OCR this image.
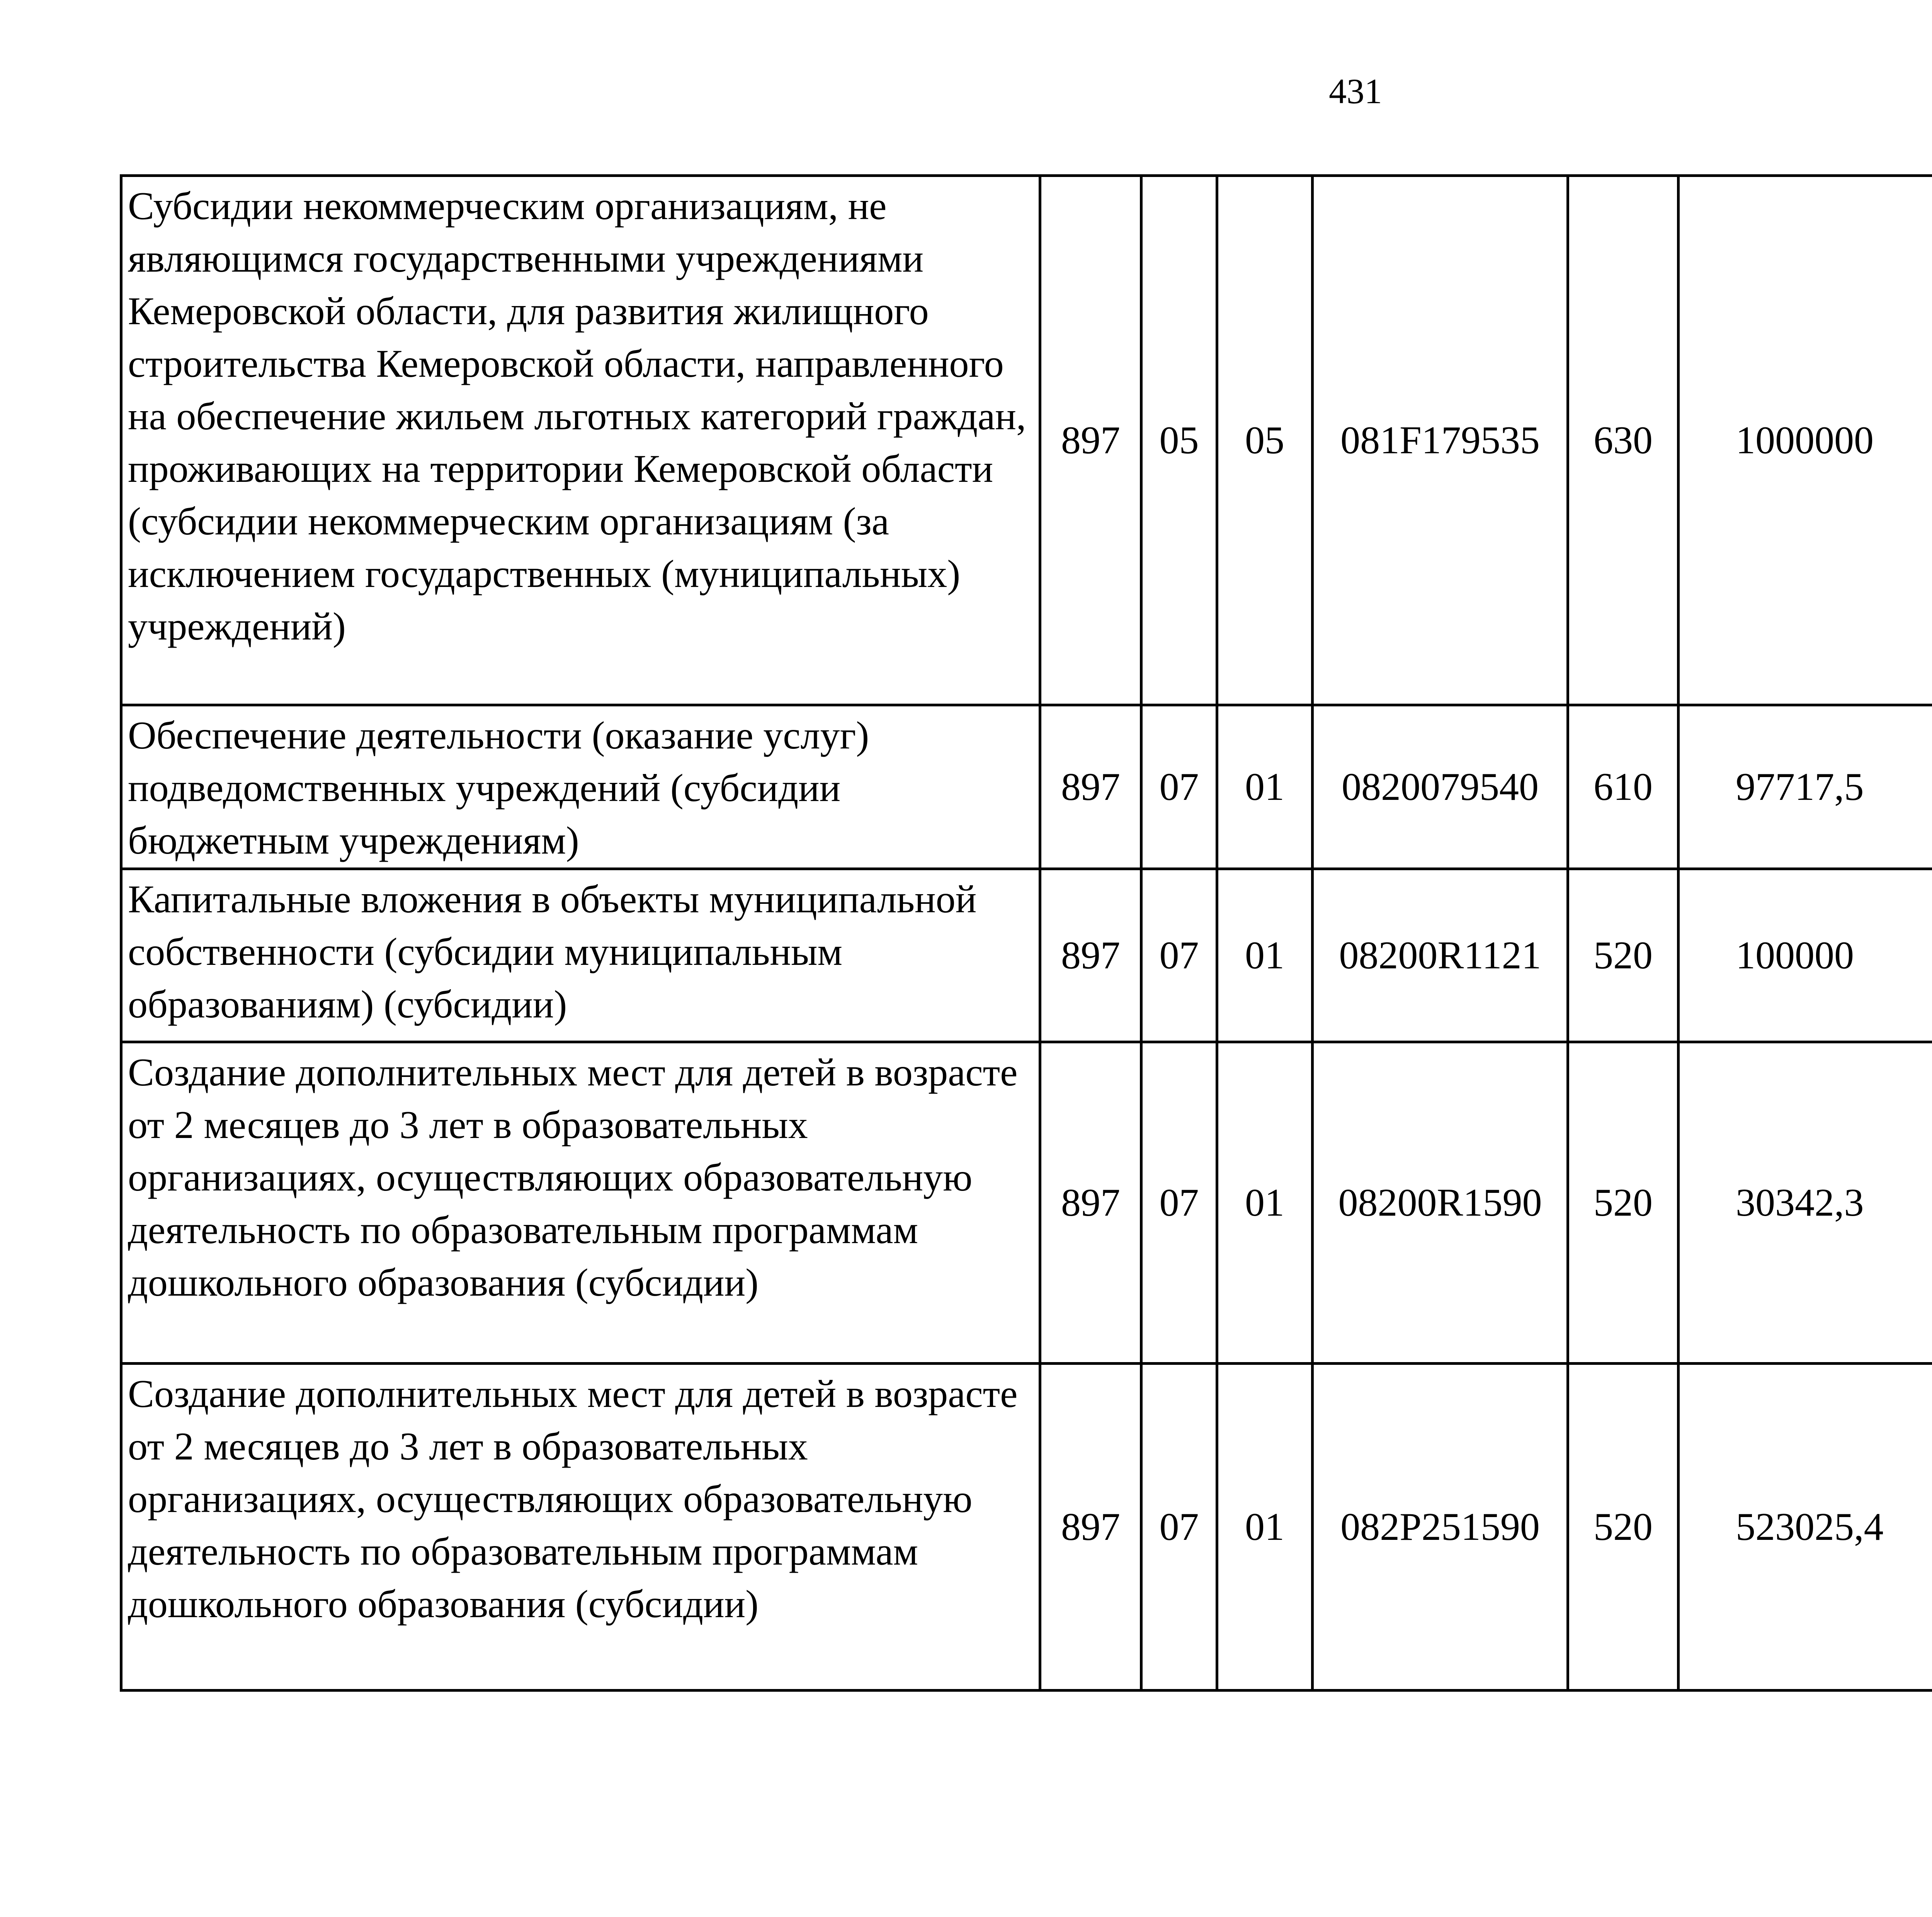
431
Субсидии некоммерческим организациям, не являющимся государственными учреждениями Кемеровской области, для развития жилищного строительства Кемеровской области, направленного на обеспечение жильем льготных категорий граждан, проживающих на территории Кемеровской области (субсидии некоммерческим организациям (за исключением государственных (муниципальных) учреждений)	897	05	05	081F179535	630	1000000		
Обеспечение деятельности (оказание услуг) подведомственных учреждений (субсидии бюджетным учреждениям)	897	07	01	0820079540	610	97717,5		
Капитальные вложения в объекты муниципальной собственности (субсидии муниципальным образованиям) (субсидии)	897	07	01	08200R1121	520	100000		
Создание дополнительных мест для детей в возрасте от 2 месяцев до 3 лет в образовательных организациях, осуществляющих образовательную деятельность по образовательным программам дошкольного образования (субсидии)	897	07	01	08200R1590	520	30342,3		
Создание дополнительных мест для детей в возрасте от 2 месяцев до 3 лет в образовательных организациях, осуществляющих образовательную деятельность по образовательным программам дошкольного образования (субсидии)	897	07	01	082P251590	520	523025,4		
